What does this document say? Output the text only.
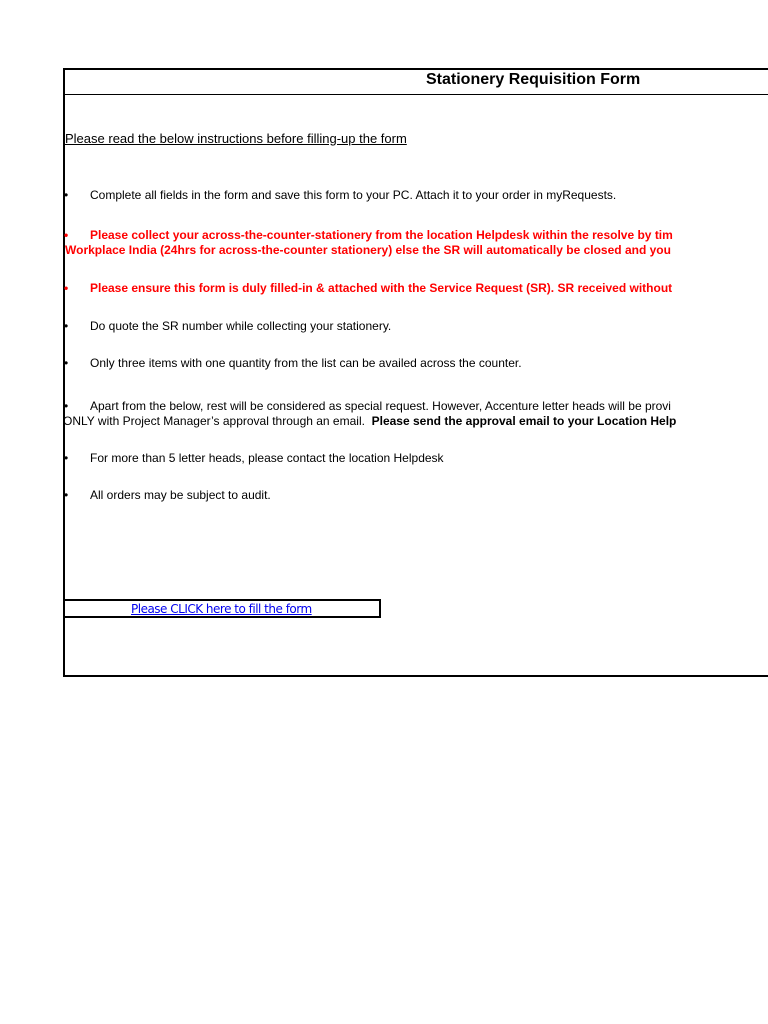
Stationery Requisition Form
Please read the below instructions before filling-up the form
• Complete all fields in the form and save this form to your PC. Attach it to your order in myRequests.
• Please collect your across-the-counter-stationery from the location Helpdesk within the resolve by tim
Workplace India (24hrs for across-the-counter stationery) else the SR will automatically be closed and you
• Please ensure this form is duly filled-in & attached with the Service Request (SR). SR received without
• Do quote the SR number while collecting your stationery.
• Only three items with one quantity from the list can be availed across the counter.
• Apart from the below, rest will be considered as special request. However, Accenture letter heads will be provi
ONLY with Project Manager’s approval through an email. Please send the approval email to your Location Help
• For more than 5 letter heads, please contact the location Helpdesk
• All orders may be subject to audit.
Please CLICK here to fill the form
